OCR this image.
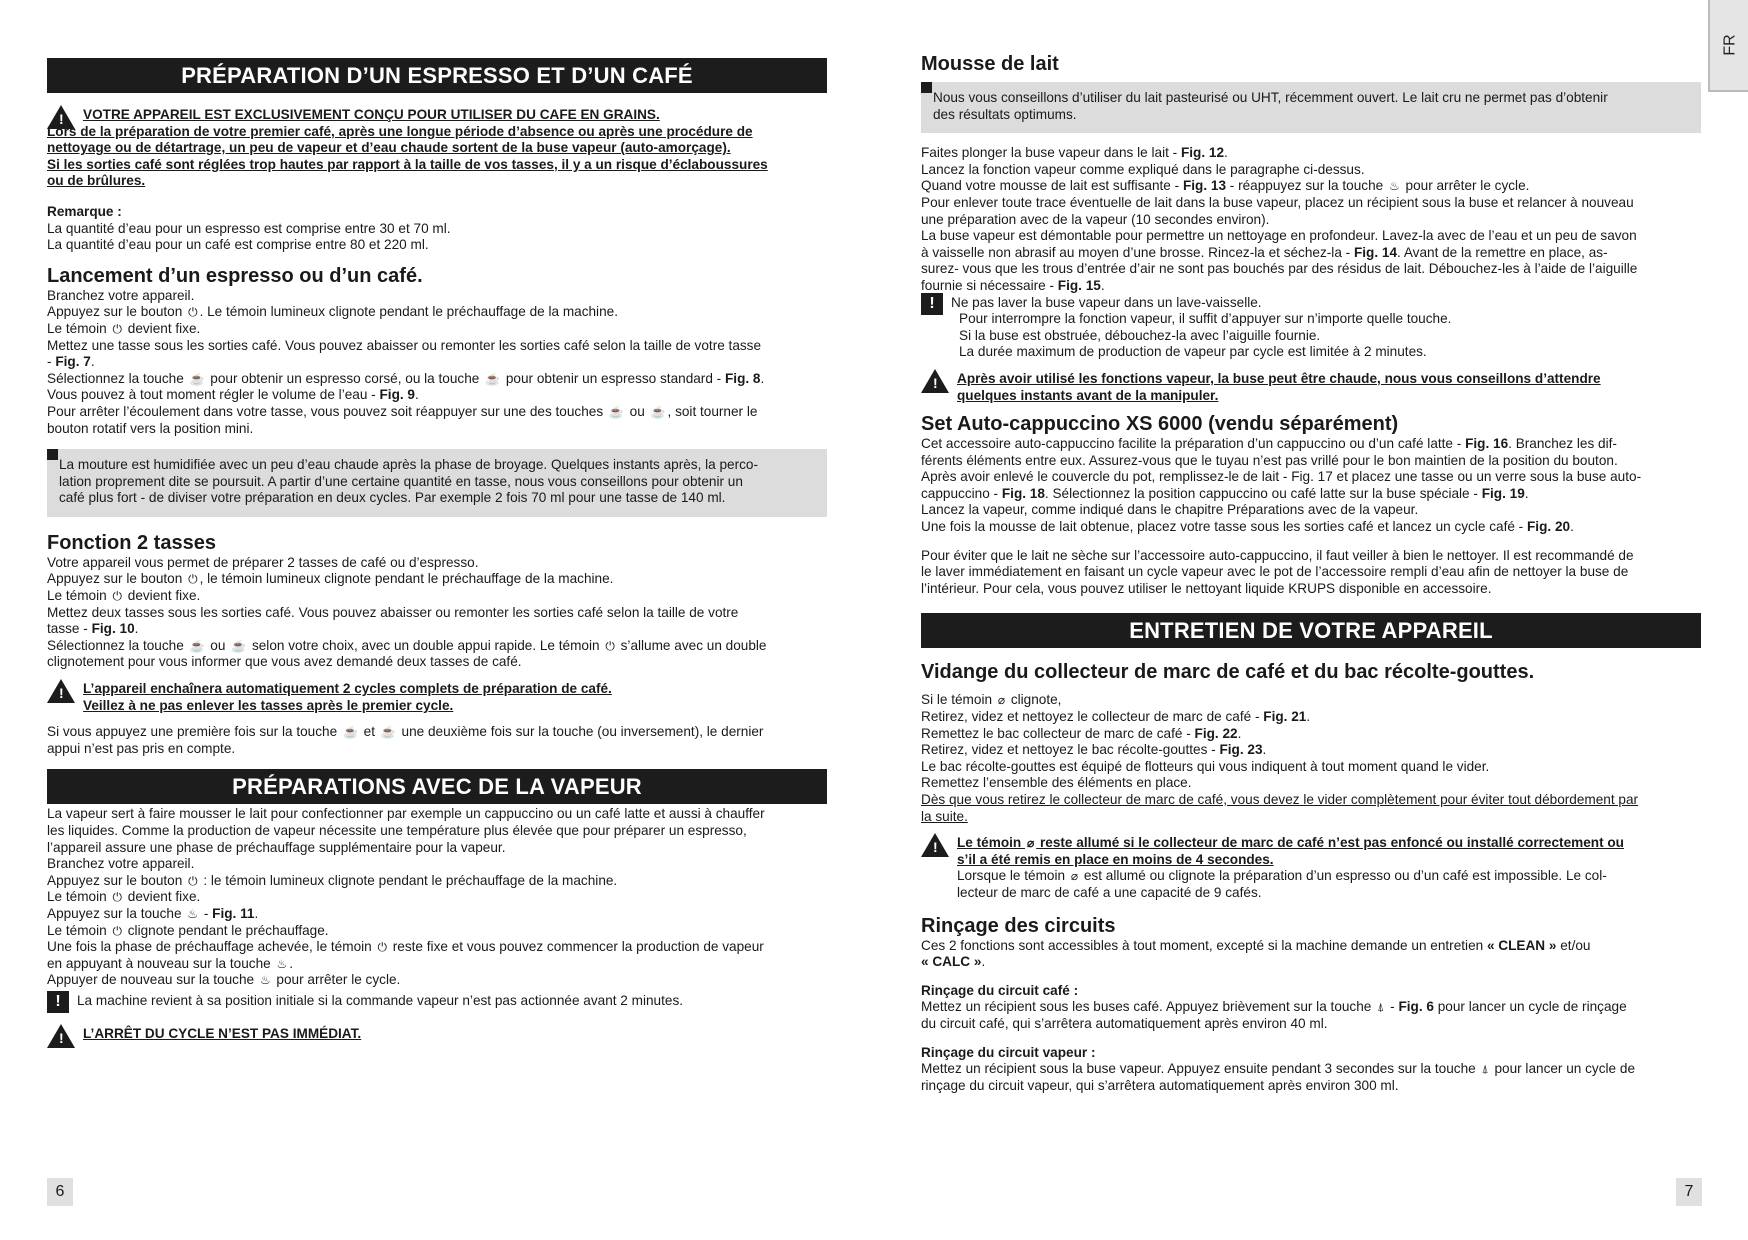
FR
PRÉPARATION D’UN ESPRESSO ET D’UN CAFÉ
!

VOTRE APPAREIL EST EXCLUSIVEMENT CONÇU POUR UTILISER DU CAFE EN GRAINS.

Lors de la préparation de votre premier café, après une longue période d’absence ou après une procédure de

nettoyage ou de détartrage, un peu de vapeur et d’eau chaude sortent de la buse vapeur (auto-amorçage).

Si les sorties café sont réglées trop hautes par rapport à la taille de vos tasses, il y a un risque d’éclaboussures

ou de brûlures.

Remarque :

La quantité d’eau pour un espresso est comprise entre 30 et 70 ml.

La quantité d’eau pour un café est comprise entre 80 et 220 ml.

Lancement d’un espresso ou d’un café.

Branchez votre appareil.

Appuyez sur le bouton ⏻ . Le témoin lumineux clignote pendant le préchauffage de la machine.

Le témoin ⏻ devient fixe.

Mettez une tasse sous les sorties café. Vous pouvez abaisser ou remonter les sorties café selon la taille de votre tasse

- Fig. 7.

Sélectionnez la touche ☕ pour obtenir un espresso corsé, ou la touche ☕ pour obtenir un espresso standard - Fig. 8.

Vous pouvez à tout moment régler le volume de l’eau - Fig. 9.

Pour arrêter l’écoulement dans votre tasse, vous pouvez soit réappuyer sur une des touches ☕ ou ☕ , soit tourner le

bouton rotatif vers la position mini.

La mouture est humidifiée avec un peu d’eau chaude après la phase de broyage. Quelques instants après, la perco-

lation proprement dite se poursuit. A partir d’une certaine quantité en tasse, nous vous conseillons pour obtenir un

café plus fort - de diviser votre préparation en deux cycles. Par exemple 2 fois 70 ml pour une tasse de 140 ml.

Fonction 2 tasses

Votre appareil vous permet de préparer 2 tasses de café ou d’espresso.

Appuyez sur le bouton ⏻ , le témoin lumineux clignote pendant le préchauffage de la machine.

Le témoin ⏻ devient fixe.

Mettez deux tasses sous les sorties café. Vous pouvez abaisser ou remonter les sorties café selon la taille de votre

tasse - Fig. 10.

Sélectionnez la touche ☕ ou ☕ selon votre choix, avec un double appui rapide. Le témoin ⏻ s’allume avec un double

clignotement pour vous informer que vous avez demandé deux tasses de café.

!

L’appareil enchaînera automatiquement 2 cycles complets de préparation de café.

Veillez à ne pas enlever les tasses après le premier cycle.

Si vous appuyez une première fois sur la touche ☕ et ☕ une deuxième fois sur la touche (ou inversement), le dernier

appui n’est pas pris en compte.

PRÉPARATIONS AVEC DE LA VAPEUR

La vapeur sert à faire mousser le lait pour confectionner par exemple un cappuccino ou un café latte et aussi à chauffer

les liquides. Comme la production de vapeur nécessite une température plus élevée que pour préparer un espresso,

l’appareil assure une phase de préchauffage supplémentaire pour la vapeur.

Branchez votre appareil.

Appuyez sur le bouton ⏻ : le témoin lumineux clignote pendant le préchauffage de la machine.

Le témoin ⏻ devient fixe.

Appuyez sur la touche ♨ - Fig. 11.

Le témoin ⏻ clignote pendant le préchauffage.

Une fois la phase de préchauffage achevée, le témoin ⏻ reste fixe et vous pouvez commencer la production de vapeur

en appuyant à nouveau sur la touche ♨ .

Appuyer de nouveau sur la touche ♨ pour arrêter le cycle.

!	La machine revient à sa position initiale si la commande vapeur n’est pas actionnée avant 2 minutes.

!

L’ARRÊT DU CYCLE N’EST PAS IMMÉDIAT.

Mousse de lait

Nous vous conseillons d’utiliser du lait pasteurisé ou UHT, récemment ouvert. Le lait cru ne permet pas d’obtenir

des résultats optimums.

Faites plonger la buse vapeur dans le lait - Fig. 12.

Lancez la fonction vapeur comme expliqué dans le paragraphe ci-dessus.

Quand votre mousse de lait est suffisante - Fig. 13 - réappuyez sur la touche ♨ pour arrêter le cycle.

Pour enlever toute trace éventuelle de lait dans la buse vapeur, placez un récipient sous la buse et relancer à nouveau

une préparation avec de la vapeur (10 secondes environ).

La buse vapeur est démontable pour permettre un nettoyage en profondeur. Lavez-la avec de l’eau et un peu de savon

à vaisselle non abrasif au moyen d’une brosse. Rincez-la et séchez-la - Fig. 14. Avant de la remettre en place, as-

surez- vous que les trous d’entrée d’air ne sont pas bouchés par des résidus de lait. Débouchez-les à l’aide de l’aiguille

fournie si nécessaire - Fig. 15.

!	Ne pas laver la buse vapeur dans un lave-vaisselle.

Pour interrompre la fonction vapeur, il suffit d’appuyer sur n’importe quelle touche.

Si la buse est obstruée, débouchez-la avec l’aiguille fournie.

La durée maximum de production de vapeur par cycle est limitée à 2 minutes.

!

Après avoir utilisé les fonctions vapeur, la buse peut être chaude, nous vous conseillons d’attendre

quelques instants avant de la manipuler.

Set Auto-cappuccino XS 6000 (vendu séparément)

Cet accessoire auto-cappuccino facilite la préparation d’un cappuccino ou d’un café latte - Fig. 16. Branchez les dif-

férents éléments entre eux. Assurez-vous que le tuyau n’est pas vrillé pour le bon maintien de la position du bouton.

Après avoir enlevé le couvercle du pot, remplissez-le de lait - Fig. 17 et placez une tasse ou un verre sous la buse auto-

cappuccino - Fig. 18. Sélectionnez la position cappuccino ou café latte sur la buse spéciale - Fig. 19.

Lancez la vapeur, comme indiqué dans le chapitre Préparations avec de la vapeur.

Une fois la mousse de lait obtenue, placez votre tasse sous les sorties café et lancez un cycle café - Fig. 20.

Pour éviter que le lait ne sèche sur l’accessoire auto-cappuccino, il faut veiller à bien le nettoyer. Il est recommandé de

le laver immédiatement en faisant un cycle vapeur avec le pot de l’accessoire rempli d’eau afin de nettoyer la buse de

l’intérieur. Pour cela, vous pouvez utiliser le nettoyant liquide KRUPS disponible en accessoire.

ENTRETIEN DE VOTRE APPAREIL

Vidange du collecteur de marc de café et du bac récolte-gouttes.

Si le témoin ⌀ clignote,

Retirez, videz et nettoyez le collecteur de marc de café - Fig. 21.

Remettez le bac collecteur de marc de café - Fig. 22.

Retirez, videz et nettoyez le bac récolte-gouttes - Fig. 23.

Le bac récolte-gouttes est équipé de flotteurs qui vous indiquent à tout moment quand le vider.

Remettez l’ensemble des éléments en place.

Dès que vous retirez le collecteur de marc de café, vous devez le vider complètement pour éviter tout débordement par

la suite.

!

Le témoin ⌀ reste allumé si le collecteur de marc de café n’est pas enfoncé ou installé correctement ou

s’il a été remis en place en moins de 4 secondes.

Lorsque le témoin ⌀ est allumé ou clignote la préparation d’un espresso ou d’un café est impossible. Le col-

lecteur de marc de café a une capacité de 9 cafés.

Rinçage des circuits

Ces 2 fonctions sont accessibles à tout moment, excepté si la machine demande un entretien « CLEAN » et/ou

« CALC ».

Rinçage du circuit café :

Mettez un récipient sous les buses café. Appuyez brièvement sur la touche ⍋ - Fig. 6 pour lancer un cycle de rinçage

du circuit café, qui s’arrêtera automatiquement après environ 40 ml.

Rinçage du circuit vapeur :

Mettez un récipient sous la buse vapeur. Appuyez ensuite pendant 3 secondes sur la touche ⍋ pour lancer un cycle de

rinçage du circuit vapeur, qui s’arrêtera automatiquement après environ 300 ml.

6	7
